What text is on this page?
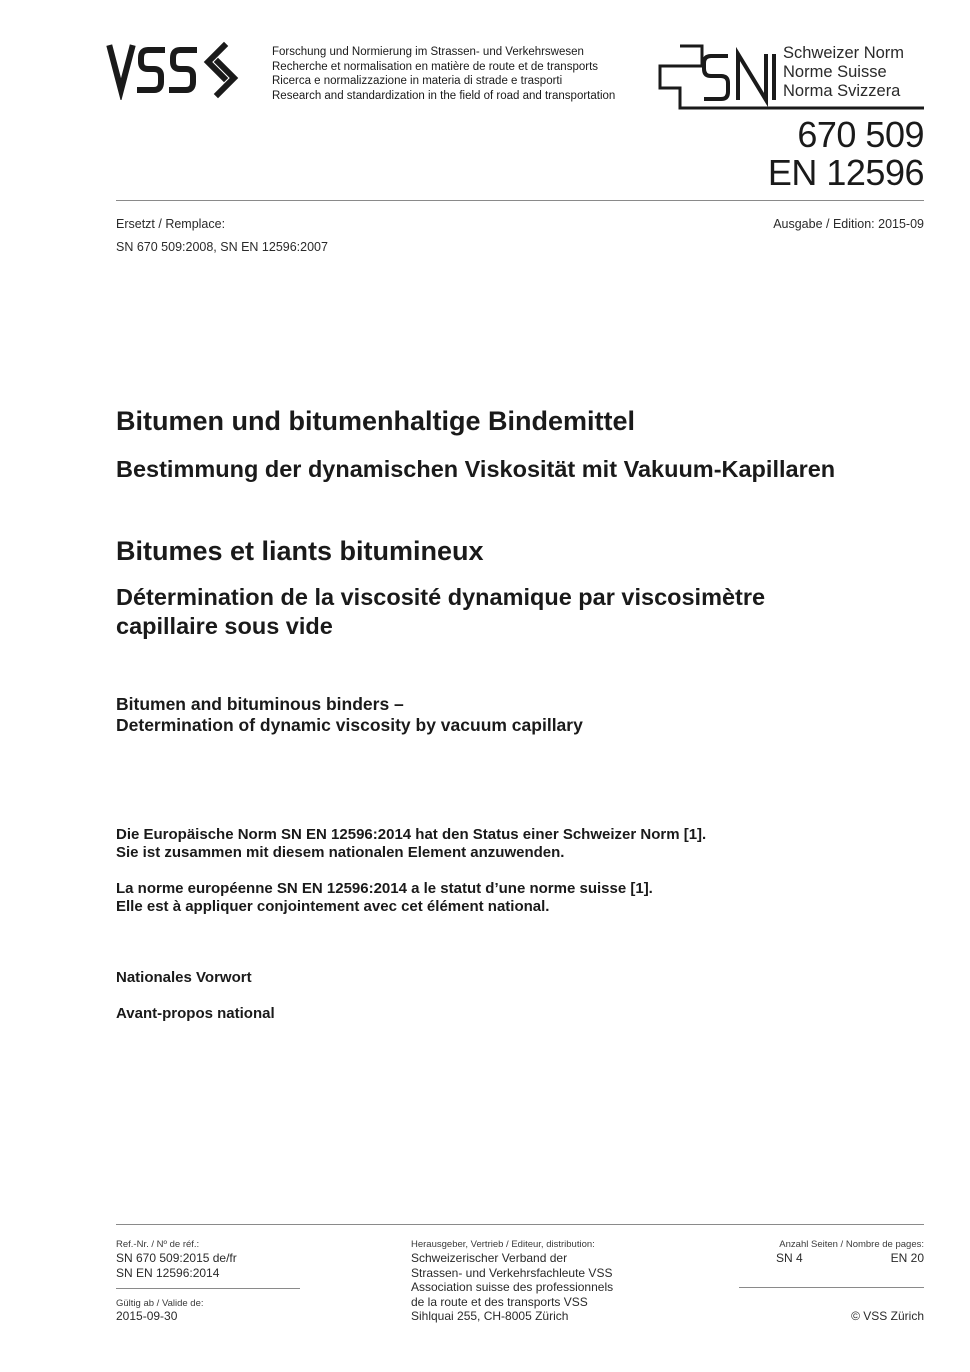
Forschung und Normierung im Strassen- und Verkehrswesen
Recherche et normalisation en matière de route et de transports
Ricerca e normalizzazione in materia di strade e trasporti
Research and standardization in the field of road and transportation
Schweizer Norm
Norme Suisse
Norma Svizzera
670 509
EN 12596
Ersetzt / Remplace:
SN 670 509:2008, SN EN 12596:2007
Ausgabe / Edition: 2015-09
Bitumen und bitumenhaltige Bindemittel
Bestimmung der dynamischen Viskosität mit Vakuum-Kapillaren
Bitumes et liants bitumineux
Détermination de la viscosité dynamique par viscosimètre
capillaire sous vide
Bitumen and bituminous binders –
Determination of dynamic viscosity by vacuum capillary
Die Europäische Norm SN EN 12596:2014 hat den Status einer Schweizer Norm [1].
Sie ist zusammen mit diesem nationalen Element anzuwenden.
La norme européenne SN EN 12596:2014 a le statut d’une norme suisse [1].
Elle est à appliquer conjointement avec cet élément national.
Nationales Vorwort
Avant-propos national
Ref.-Nr. / Nº de réf.:
SN 670 509:2015 de/fr
SN EN 12596:2014
Gültig ab / Valide de:
2015-09-30
Herausgeber, Vertrieb / Editeur, distribution:
Schweizerischer Verband der
Strassen- und Verkehrsfachleute VSS
Association suisse des professionnels
de la route et des transports VSS
Sihlquai 255, CH-8005 Zürich
Anzahl Seiten / Nombre de pages:
SN 4	EN 20
© VSS Zürich
